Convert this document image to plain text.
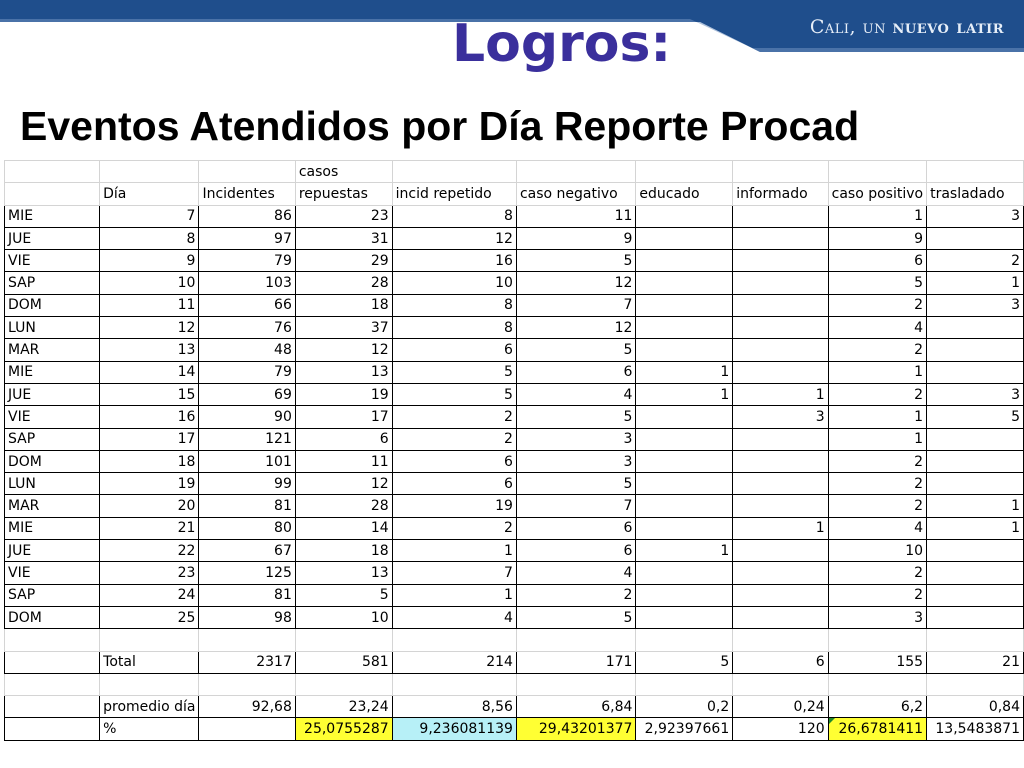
Cali, un nuevo latir
Logros:
Eventos Atendidos por Día Reporte Procad
			casos						
	Día	Incidentes	repuestas	incid repetido	caso negativo	educado	informado	caso positivo	trasladado
MIE	7	86	23	8	11			1	3
JUE	8	97	31	12	9			9	
VIE	9	79	29	16	5			6	2
SAP	10	103	28	10	12			5	1
DOM	11	66	18	8	7			2	3
LUN	12	76	37	8	12			4	
MAR	13	48	12	6	5			2	
MIE	14	79	13	5	6	1		1	
JUE	15	69	19	5	4	1	1	2	3
VIE	16	90	17	2	5		3	1	5
SAP	17	121	6	2	3			1	
DOM	18	101	11	6	3			2	
LUN	19	99	12	6	5			2	
MAR	20	81	28	19	7			2	1
MIE	21	80	14	2	6		1	4	1
JUE	22	67	18	1	6	1		10	
VIE	23	125	13	7	4			2	
SAP	24	81	5	1	2			2	
DOM	25	98	10	4	5			3	

	Total	2317	581	214	171	5	6	155	21

	promedio día	92,68	23,24	8,56	6,84	0,2	0,24	6,2	0,84
	%		25,0755287	9,236081139	29,43201377	2,92397661	120	26,6781411	13,5483871
